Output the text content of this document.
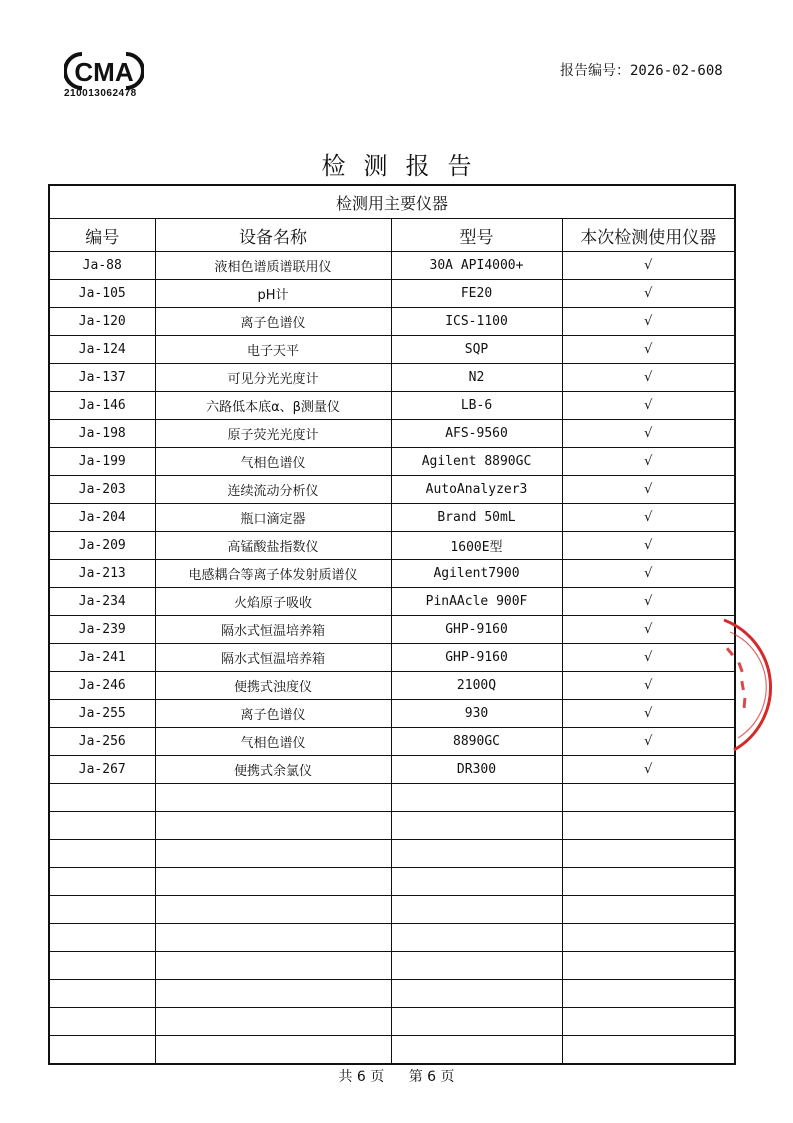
CMA
210013062478
报告编号：2026-02-608
检测报告
检测用主要仪器			
编号	设备名称	型号	本次检测使用仪器
Ja-88	液相色谱质谱联用仪	30A API4000+	√
Ja-105	pH计	FE20	√
Ja-120	离子色谱仪	ICS-1100	√
Ja-124	电子天平	SQP	√
Ja-137	可见分光光度计	N2	√
Ja-146	六路低本底α、β测量仪	LB-6	√
Ja-198	原子荧光光度计	AFS-9560	√
Ja-199	气相色谱仪	Agilent 8890GC	√
Ja-203	连续流动分析仪	AutoAnalyzer3	√
Ja-204	瓶口滴定器	Brand 50mL	√
Ja-209	高锰酸盐指数仪	1600E型	√
Ja-213	电感耦合等离子体发射质谱仪	Agilent7900	√
Ja-234	火焰原子吸收	PinAAcle 900F	√
Ja-239	隔水式恒温培养箱	GHP-9160	√
Ja-241	隔水式恒温培养箱	GHP-9160	√
Ja-246	便携式浊度仪	2100Q	√
Ja-255	离子色谱仪	930	√
Ja-256	气相色谱仪	8890GC	√
Ja-267	便携式余氯仪	DR300	√

共 6 页 第 6 页
